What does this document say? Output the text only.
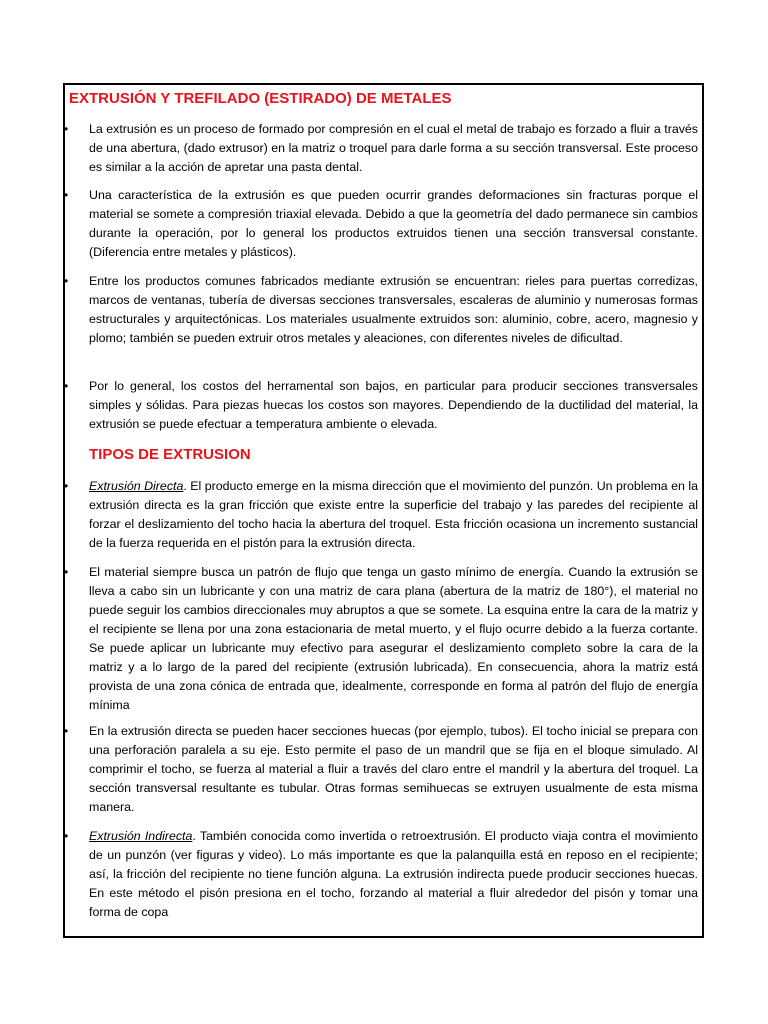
EXTRUSIÓN Y TREFILADO (ESTIRADO) DE METALES

• La extrusión es un proceso de formado por compresión en el cual el metal de trabajo es forzado a fluir a través de una abertura, (dado extrusor) en la matriz o troquel para darle forma a su sección transversal. Este proceso es similar a la acción de apretar una pasta dental.

• Una característica de la extrusión es que pueden ocurrir grandes deformaciones sin fracturas porque el material se somete a compresión triaxial elevada. Debido a que la geometría del dado permanece sin cambios durante la operación, por lo general los productos extruidos tienen una sección transversal constante. (Diferencia entre metales y plásticos).

• Entre los productos comunes fabricados mediante extrusión se encuentran: rieles para puertas corredizas, marcos de ventanas, tubería de diversas secciones transversales, escaleras de aluminio y numerosas formas estructurales y arquitectónicas. Los materiales usualmente extruidos son: aluminio, cobre, acero, magnesio y plomo; también se pueden extruir otros metales y aleaciones, con diferentes niveles de dificultad.

• Por lo general, los costos del herramental son bajos, en particular para producir secciones transversales simples y sólidas. Para piezas huecas los costos son mayores. Dependiendo de la ductilidad del material, la extrusión se puede efectuar a temperatura ambiente o elevada.

TIPOS DE EXTRUSION

• Extrusión Directa. El producto emerge en la misma dirección que el movimiento del punzón. Un problema en la extrusión directa es la gran fricción que existe entre la superficie del trabajo y las paredes del recipiente al forzar el deslizamiento del tocho hacia la abertura del troquel. Esta fricción ocasiona un incremento sustancial de la fuerza requerida en el pistón para la extrusión directa.

• El material siempre busca un patrón de flujo que tenga un gasto mínimo de energía. Cuando la extrusión se lleva a cabo sin un lubricante y con una matriz de cara plana (abertura de la matriz de 180°), el material no puede seguir los cambios direccionales muy abruptos a que se somete. La esquina entre la cara de la matriz y el recipiente se llena por una zona estacionaria de metal muerto, y el flujo ocurre debido a la fuerza cortante. Se puede aplicar un lubricante muy efectivo para asegurar el deslizamiento completo sobre la cara de la matriz y a lo largo de la pared del recipiente (extrusión lubricada). En consecuencia, ahora la matriz está provista de una zona cónica de entrada que, idealmente, corresponde en forma al patrón del flujo de energía mínima

• En la extrusión directa se pueden hacer secciones huecas (por ejemplo, tubos). El tocho inicial se prepara con una perforación paralela a su eje. Esto permite el paso de un mandril que se fija en el bloque simulado. Al comprimir el tocho, se fuerza al material a fluir a través del claro entre el mandril y la abertura del troquel. La sección transversal resultante es tubular. Otras formas semihuecas se extruyen usualmente de esta misma manera.

• Extrusión Indirecta. También conocida como invertida o retroextrusión. El producto viaja contra el movimiento de un punzón (ver figuras y video). Lo más importante es que la palanquilla está en reposo en el recipiente; así, la fricción del recipiente no tiene función alguna. La extrusión indirecta puede producir secciones huecas. En este método el pisón presiona en el tocho, forzando al material a fluir alrededor del pisón y tomar una forma de copa
